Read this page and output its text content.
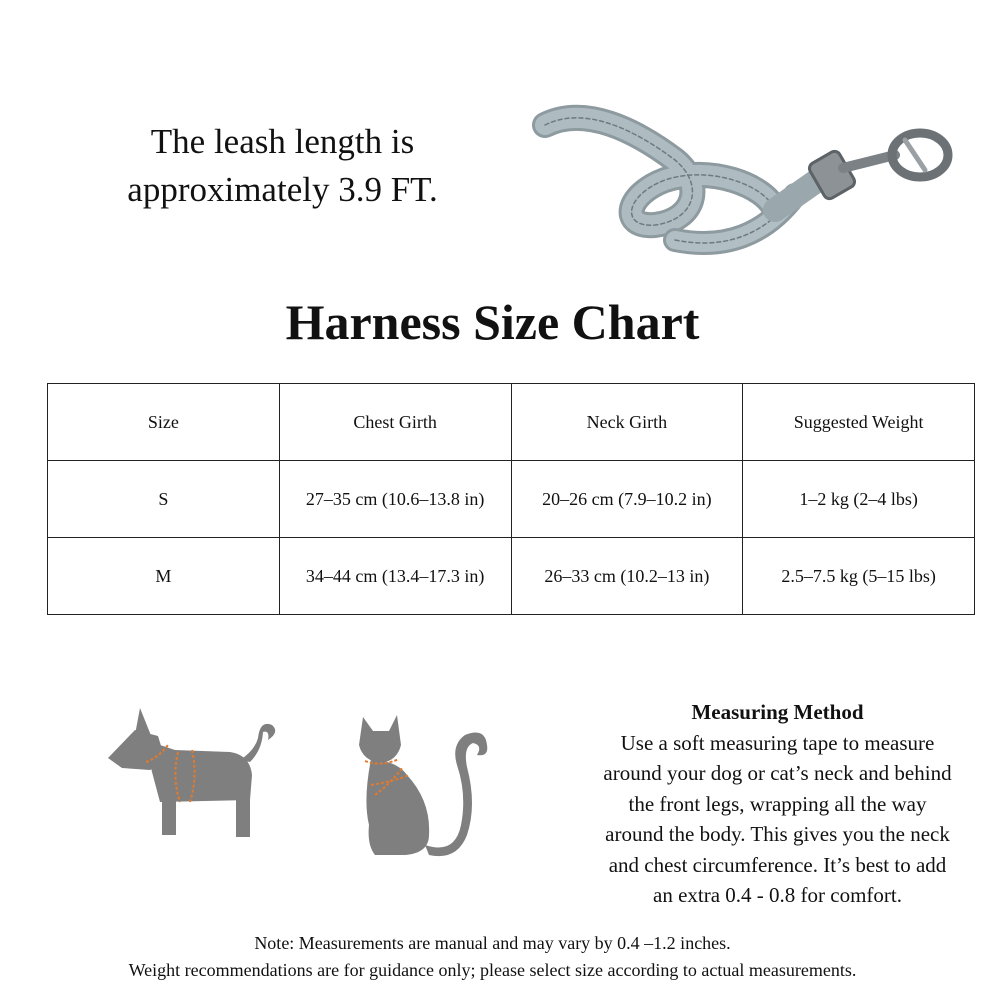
The leash length is
approximately 3.9 FT.
Harness Size Chart
Size	Chest Girth	Neck Girth	Suggested Weight
S	27–35 cm (10.6–13.8 in)	20–26 cm (7.9–10.2 in)	1–2 kg (2–4 lbs)
M	34–44 cm (13.4–17.3 in)	26–33 cm (10.2–13 in)	2.5–7.5 kg (5–15 lbs)
Measuring Method
Use a soft measuring tape to measure
around your dog or cat’s neck and behind
the front legs, wrapping all the way
around the body. This gives you the neck
and chest circumference. It’s best to add
an extra 0.4 - 0.8 for comfort.
Note: Measurements are manual and may vary by 0.4 –1.2 inches.
Weight recommendations are for guidance only; please select size according to actual measurements.
